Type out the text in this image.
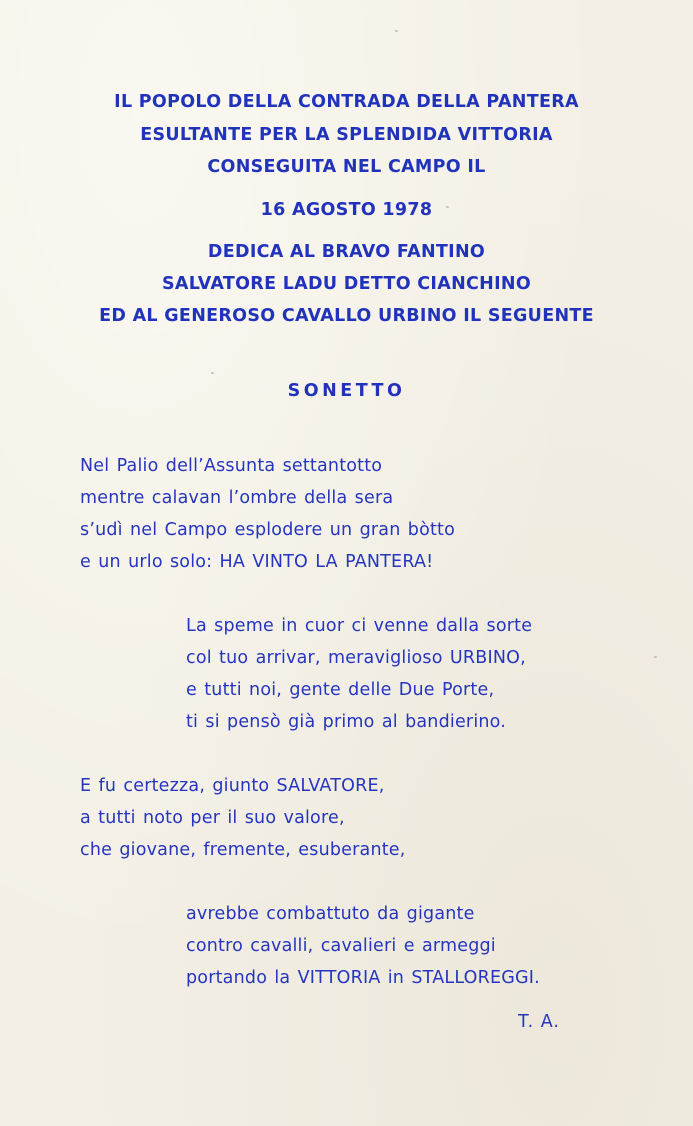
IL POPOLO DELLA CONTRADA DELLA PANTERA
ESULTANTE PER LA SPLENDIDA VITTORIA
CONSEGUITA NEL CAMPO IL
16 AGOSTO 1978
DEDICA AL BRAVO FANTINO
SALVATORE LADU DETTO CIANCHINO
ED AL GENEROSO CAVALLO URBINO IL SEGUENTE
SONETTO
Nel Palio dell’Assunta settantotto
mentre calavan l’ombre della sera
s’udì nel Campo esplodere un gran bòtto
e un urlo solo: HA VINTO LA PANTERA!
La speme in cuor ci venne dalla sorte
col tuo arrivar, meraviglioso URBINO,
e tutti noi, gente delle Due Porte,
ti si pensò già primo al bandierino.
E fu certezza, giunto SALVATORE,
a tutti noto per il suo valore,
che giovane, fremente, esuberante,
avrebbe combattuto da gigante
contro cavalli, cavalieri e armeggi
portando la VITTORIA in STALLOREGGI.
T. A.
